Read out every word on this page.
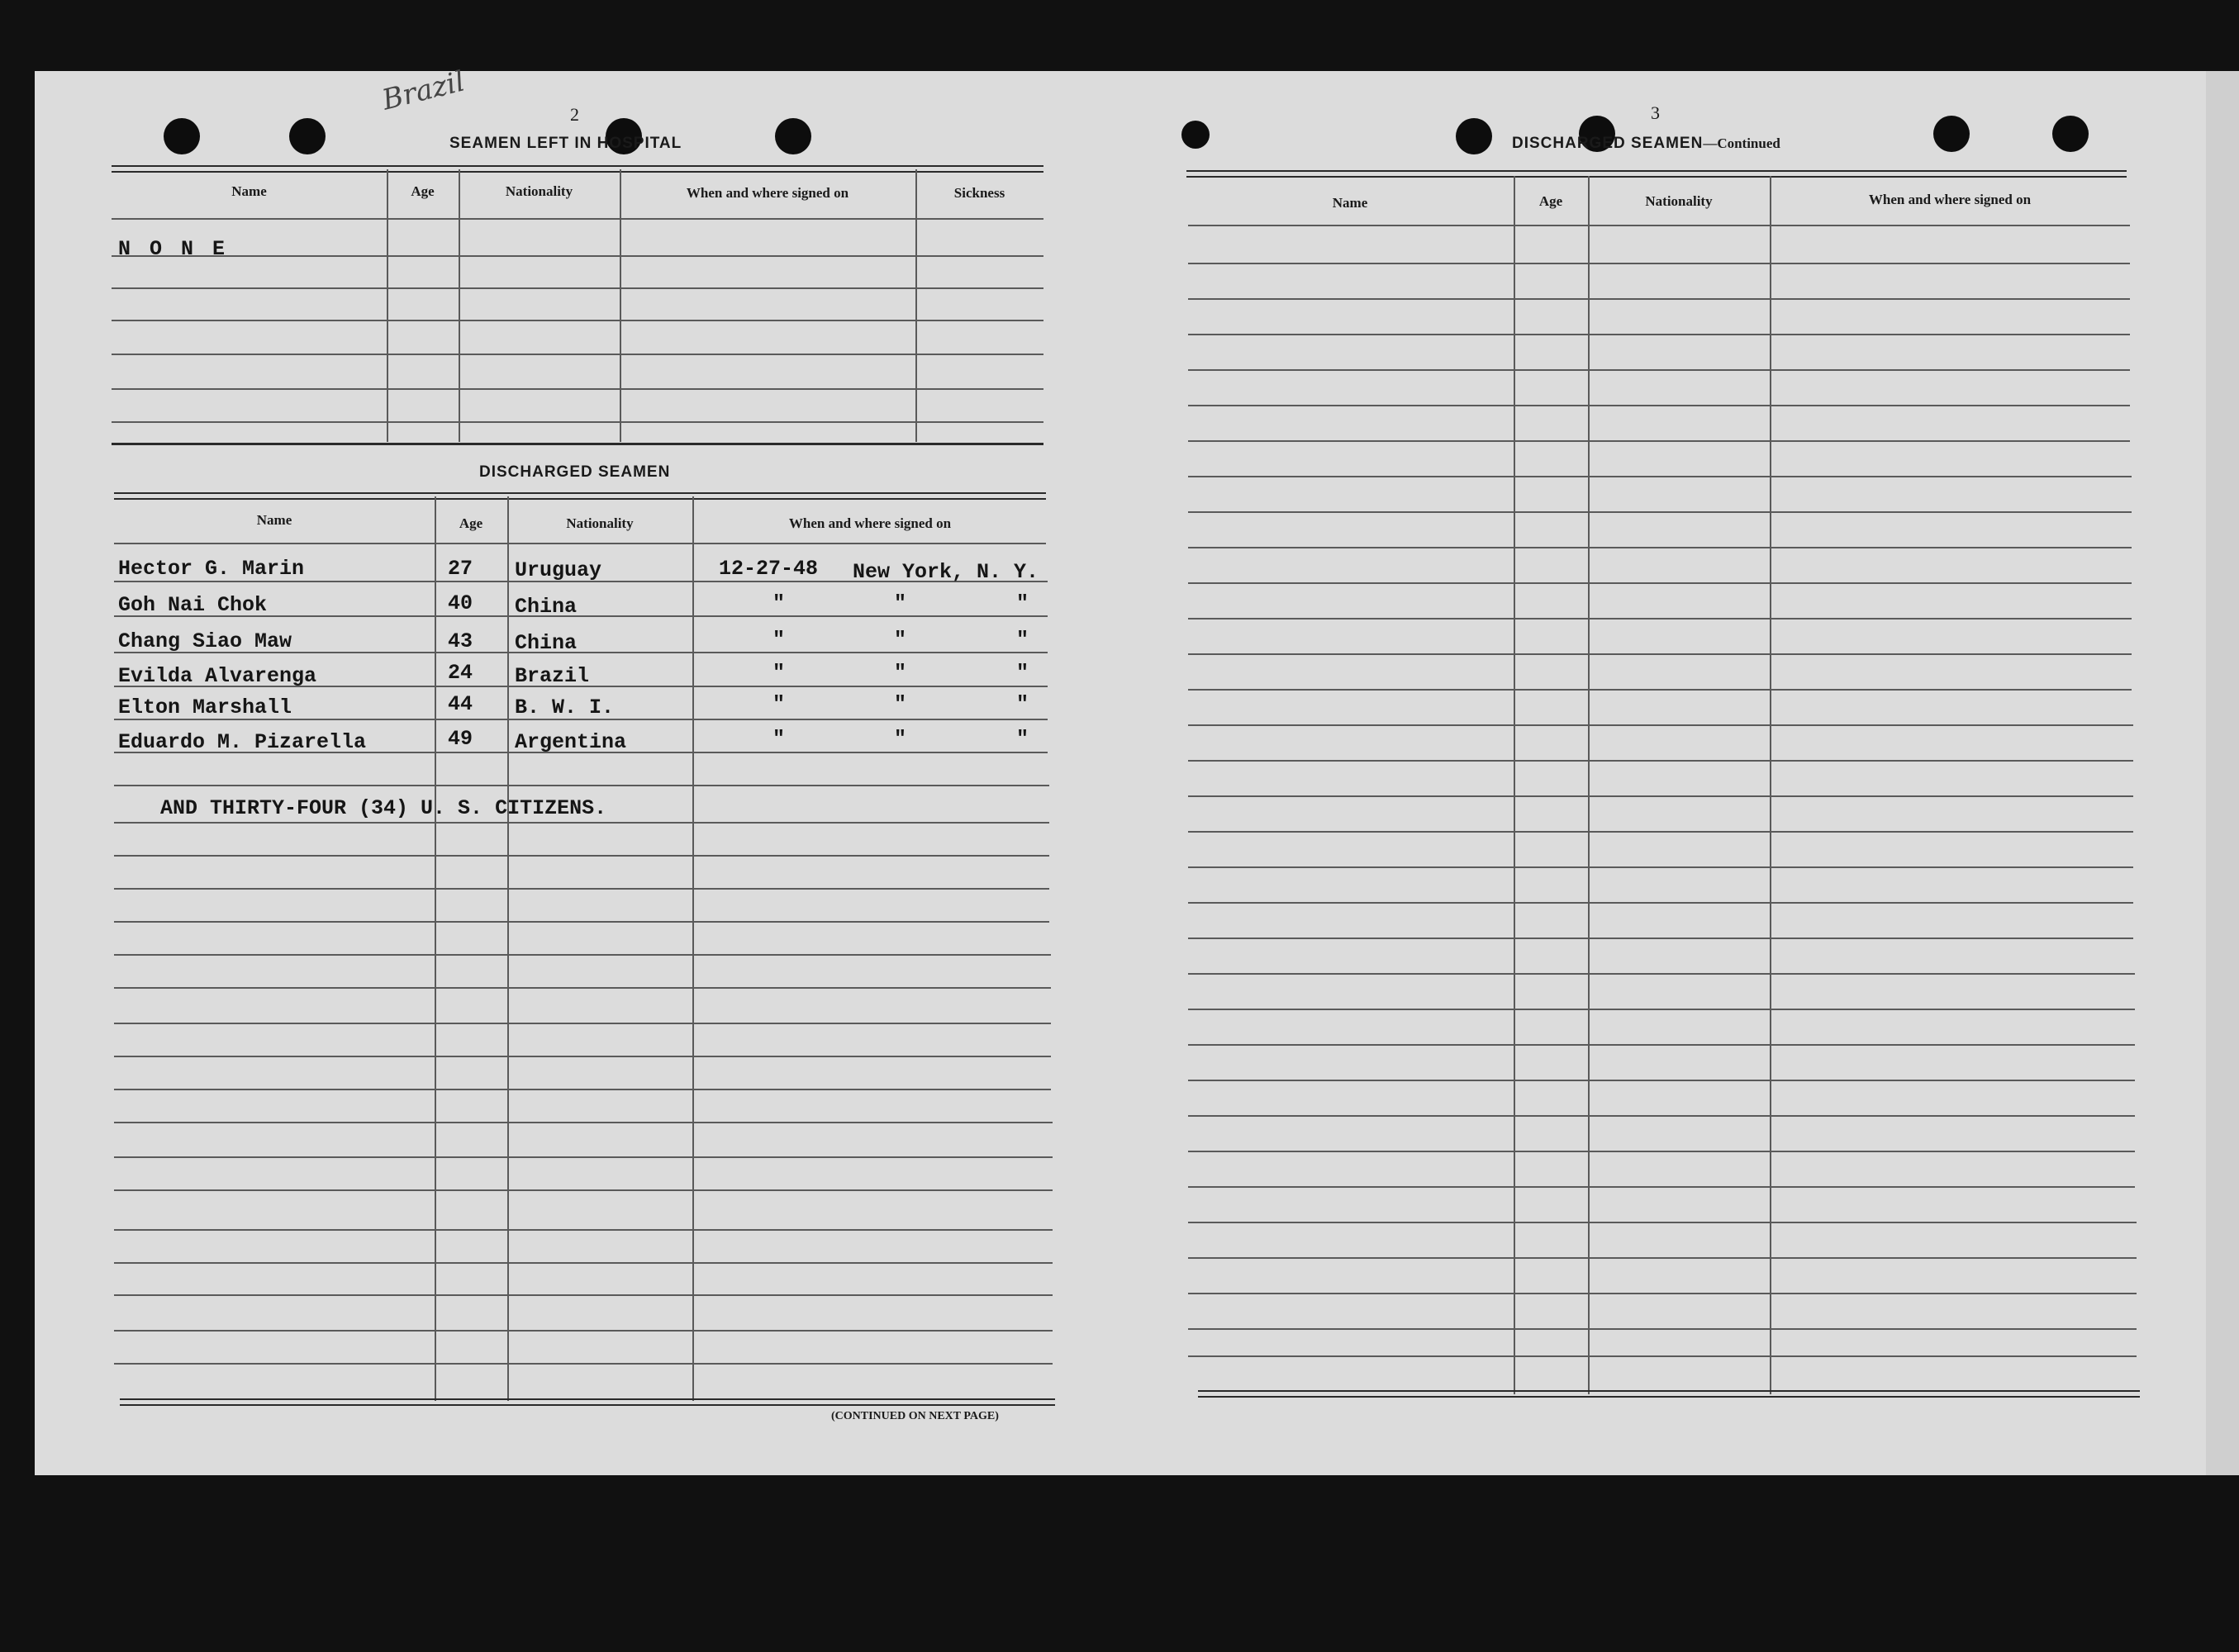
Brazil	2
SEAMEN LEFT IN HOSPITAL
Name	Age	Nationality	When and where signed on	Sickness
N O N E
DISCHARGED SEAMEN
Name	Age	Nationality	When and where signed on
Hector G. Marin	27 Uruguay	12-27-48 New York, N. Y.
Goh Nai Chok	40 China	"	"	"
Chang Siao Maw	43 China	"	"	"
Evilda Alvarenga	24 Brazil	"	"	"
Elton Marshall	44 B. W. I.	"	"	"
Eduardo M. Pizarella	49 Argentina	"	"	"
AND THIRTY-FOUR (34) U. S. CITIZENS.
(CONTINUED ON NEXT PAGE)
3
DISCHARGED SEAMEN—Continued
Name	Age	Nationality	When and where signed on
